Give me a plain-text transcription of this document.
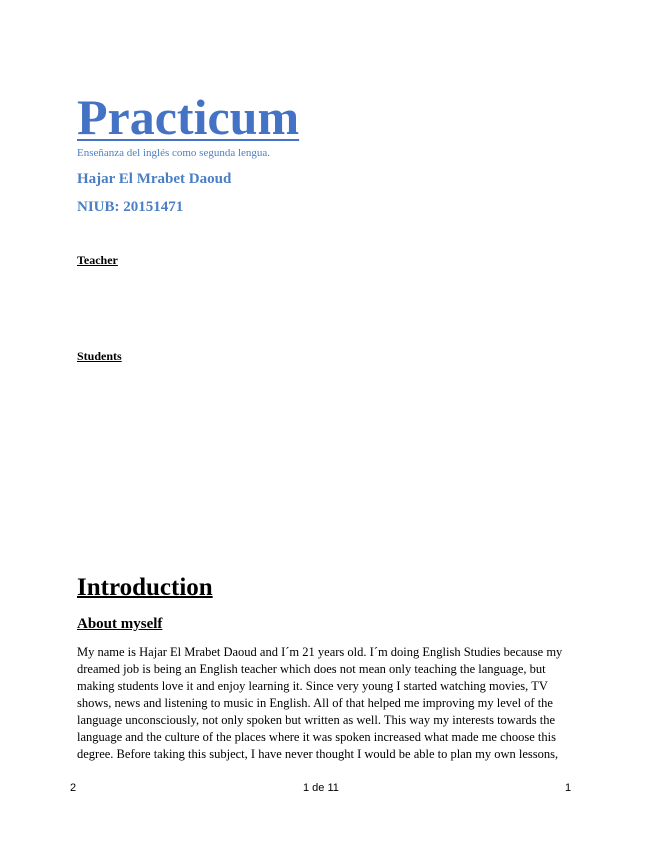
Practicum
Enseñanza del inglés como segunda lengua.
Hajar El Mrabet Daoud
NIUB: 20151471
Teacher
Students
Introduction
About myself
My name is Hajar El Mrabet Daoud and I´m 21 years old. I´m doing English Studies because my
dreamed job is being an English teacher which does not mean only teaching the language, but
making students love it and enjoy learning it. Since very young I started watching movies, TV
shows, news and listening to music in English. All of that helped me improving my level of the
language unconsciously, not only spoken but written as well. This way my interests towards the
language and the culture of the places where it was spoken increased what made me choose this
degree. Before taking this subject, I have never thought I would be able to plan my own lessons,
2	1 de 11	1
